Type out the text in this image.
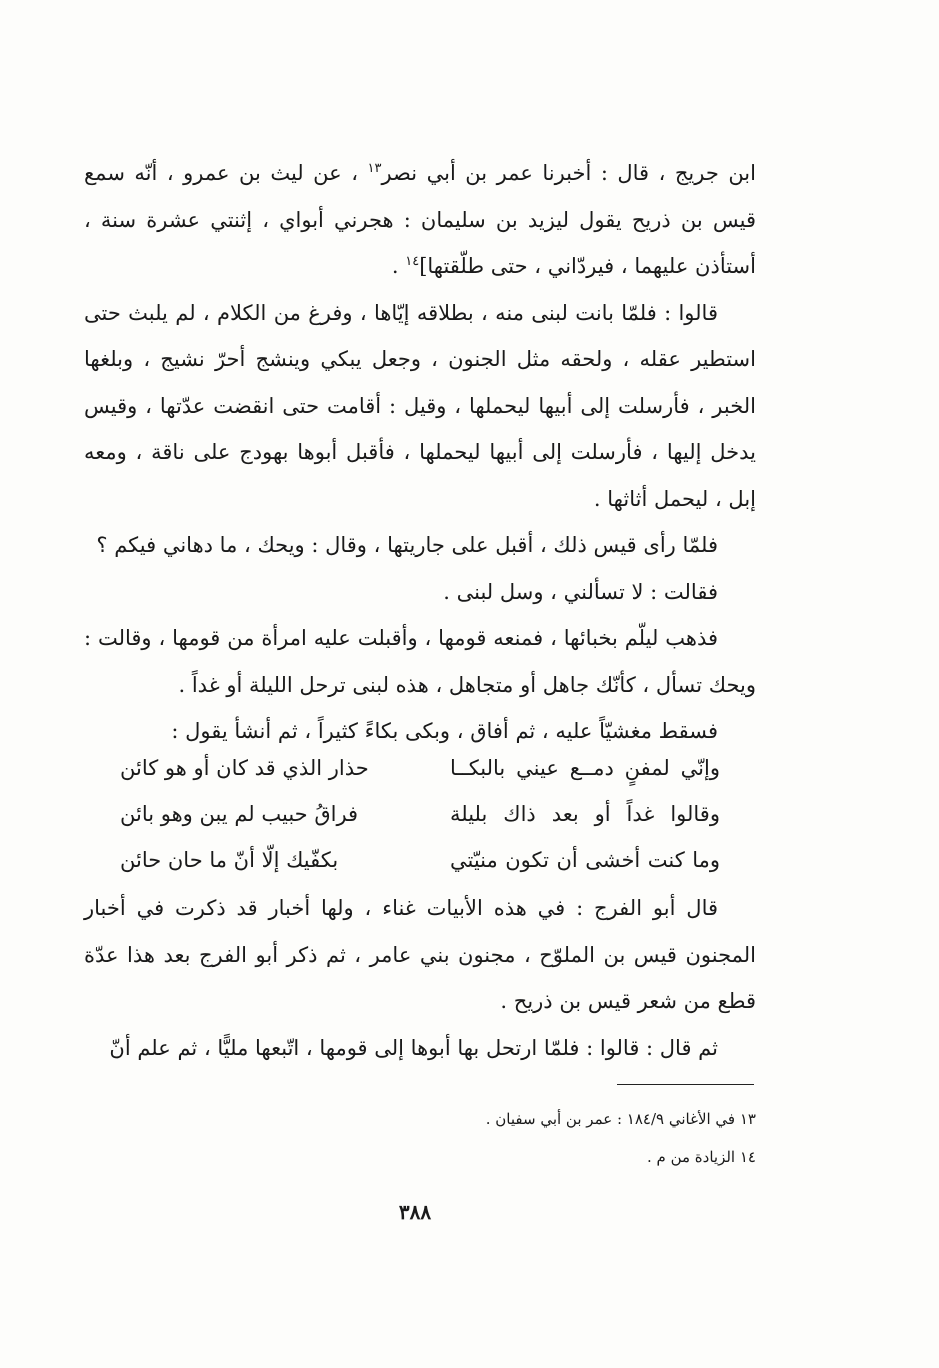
ابن جريج ، قال : أخبرنا عمر بن أبي نصر$^{١٣}$ ، عن ليث بن عمرو ، أنّه سمع قيس بن ذريح يقول ليزيد بن سليمان : هجرني أبواي ، إثنتي عشرة سنة ، أستأذن عليهما ، فيردّاني ، حتى طلّقتها]$^{١٤}$ .

قالوا : فلمّا بانت لبنى منه ، بطلاقه إيّاها ، وفرغ من الكلام ، لم يلبث حتى استطير عقله ، ولحقه مثل الجنون ، وجعل يبكي وينشج أحرّ نشيج ، وبلغها الخبر ، فأرسلت إلى أبيها ليحملها ، وقيل : أقامت حتى انقضت عدّتها ، وقيس يدخل إليها ، فأرسلت إلى أبيها ليحملها ، فأقبل أبوها بهودج على ناقة ، ومعه إبل ، ليحمل أثاثها .

فلمّا رأى قيس ذلك ، أقبل على جاريتها ، وقال : ويحك ، ما دهاني فيكم ؟

فقالت : لا تسألني ، وسل لبنى .

فذهب ليلّم بخبائها ، فمنعه قومها ، وأقبلت عليه امرأة من قومها ، وقالت : ويحك تسأل ، كأنّك جاهل أو متجاهل ، هذه لبنى ترحل الليلة أو غداً .

فسقط مغشيّاً عليه ، ثم أفاق ، وبكى بكاءً كثيراً ، ثم أنشأ يقول :

وإنّي لمفنٍ دمــع عيني بالبكــا
حذار الذي قد كان أو هو كائن
وقالوا غداً أو بعد ذاك بليلة
فراقُ حبيب لم يبن وهو بائن
وما كنت أخشى أن تكون منيّتي
بكفّيك إلّا أنّ ما حان حائن

قال أبو الفرج : في هذه الأبيات غناء ، ولها أخبار قد ذكرت في أخبار المجنون قيس بن الملوّح ، مجنون بني عامر ، ثم ذكر أبو الفرج بعد هذا عدّة قطع من شعر قيس بن ذريح .

ثم قال : قالوا : فلمّا ارتحل بها أبوها إلى قومها ، اتّبعها مليًّا ، ثم علم أنّ

١٣ في الأغاني ١٨٤/٩ : عمر بن أبي سفيان .
١٤ الزيادة من م .
٣٨٨
